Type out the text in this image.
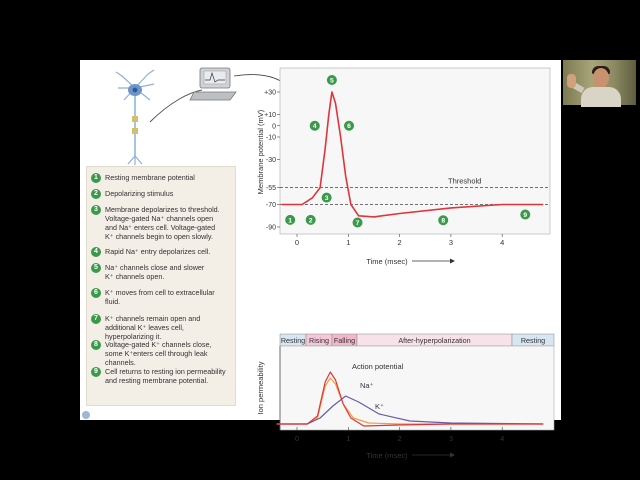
1 Resting membrane potential
2 Depolarizing stimulus
3 Membrane depolarizes to threshold.
Voltage-gated Na⁺ channels open
and Na⁺ enters cell. Voltage-gated
K⁺ channels begin to open slowly.
4 Rapid Na⁺ entry depolarizes cell.
5 Na⁺ channels close and slower
K⁺ channels open.
6 K⁺ moves from cell to extracellular
fluid.
7 K⁺ channels remain open and
additional K⁺ leaves cell, hyperpolarizing it.
8 Voltage-gated K⁺ channels close,
some K⁺enters cell through leak channels.
9 Cell returns to resting ion permeability
and resting membrane potential.
+30
+10
0
-10
-30
-55
-70
-90
Membrane potential (mV)
0	1	2	3	4
Time (msec)
Threshold
1 2
3
4
5
6
7	8
9
Resting Rising Falling	After-hyperpolarization	Resting
Ion permeability	Action potential
Na⁺
K⁺
0	1	2	3	4
Time (msec)
